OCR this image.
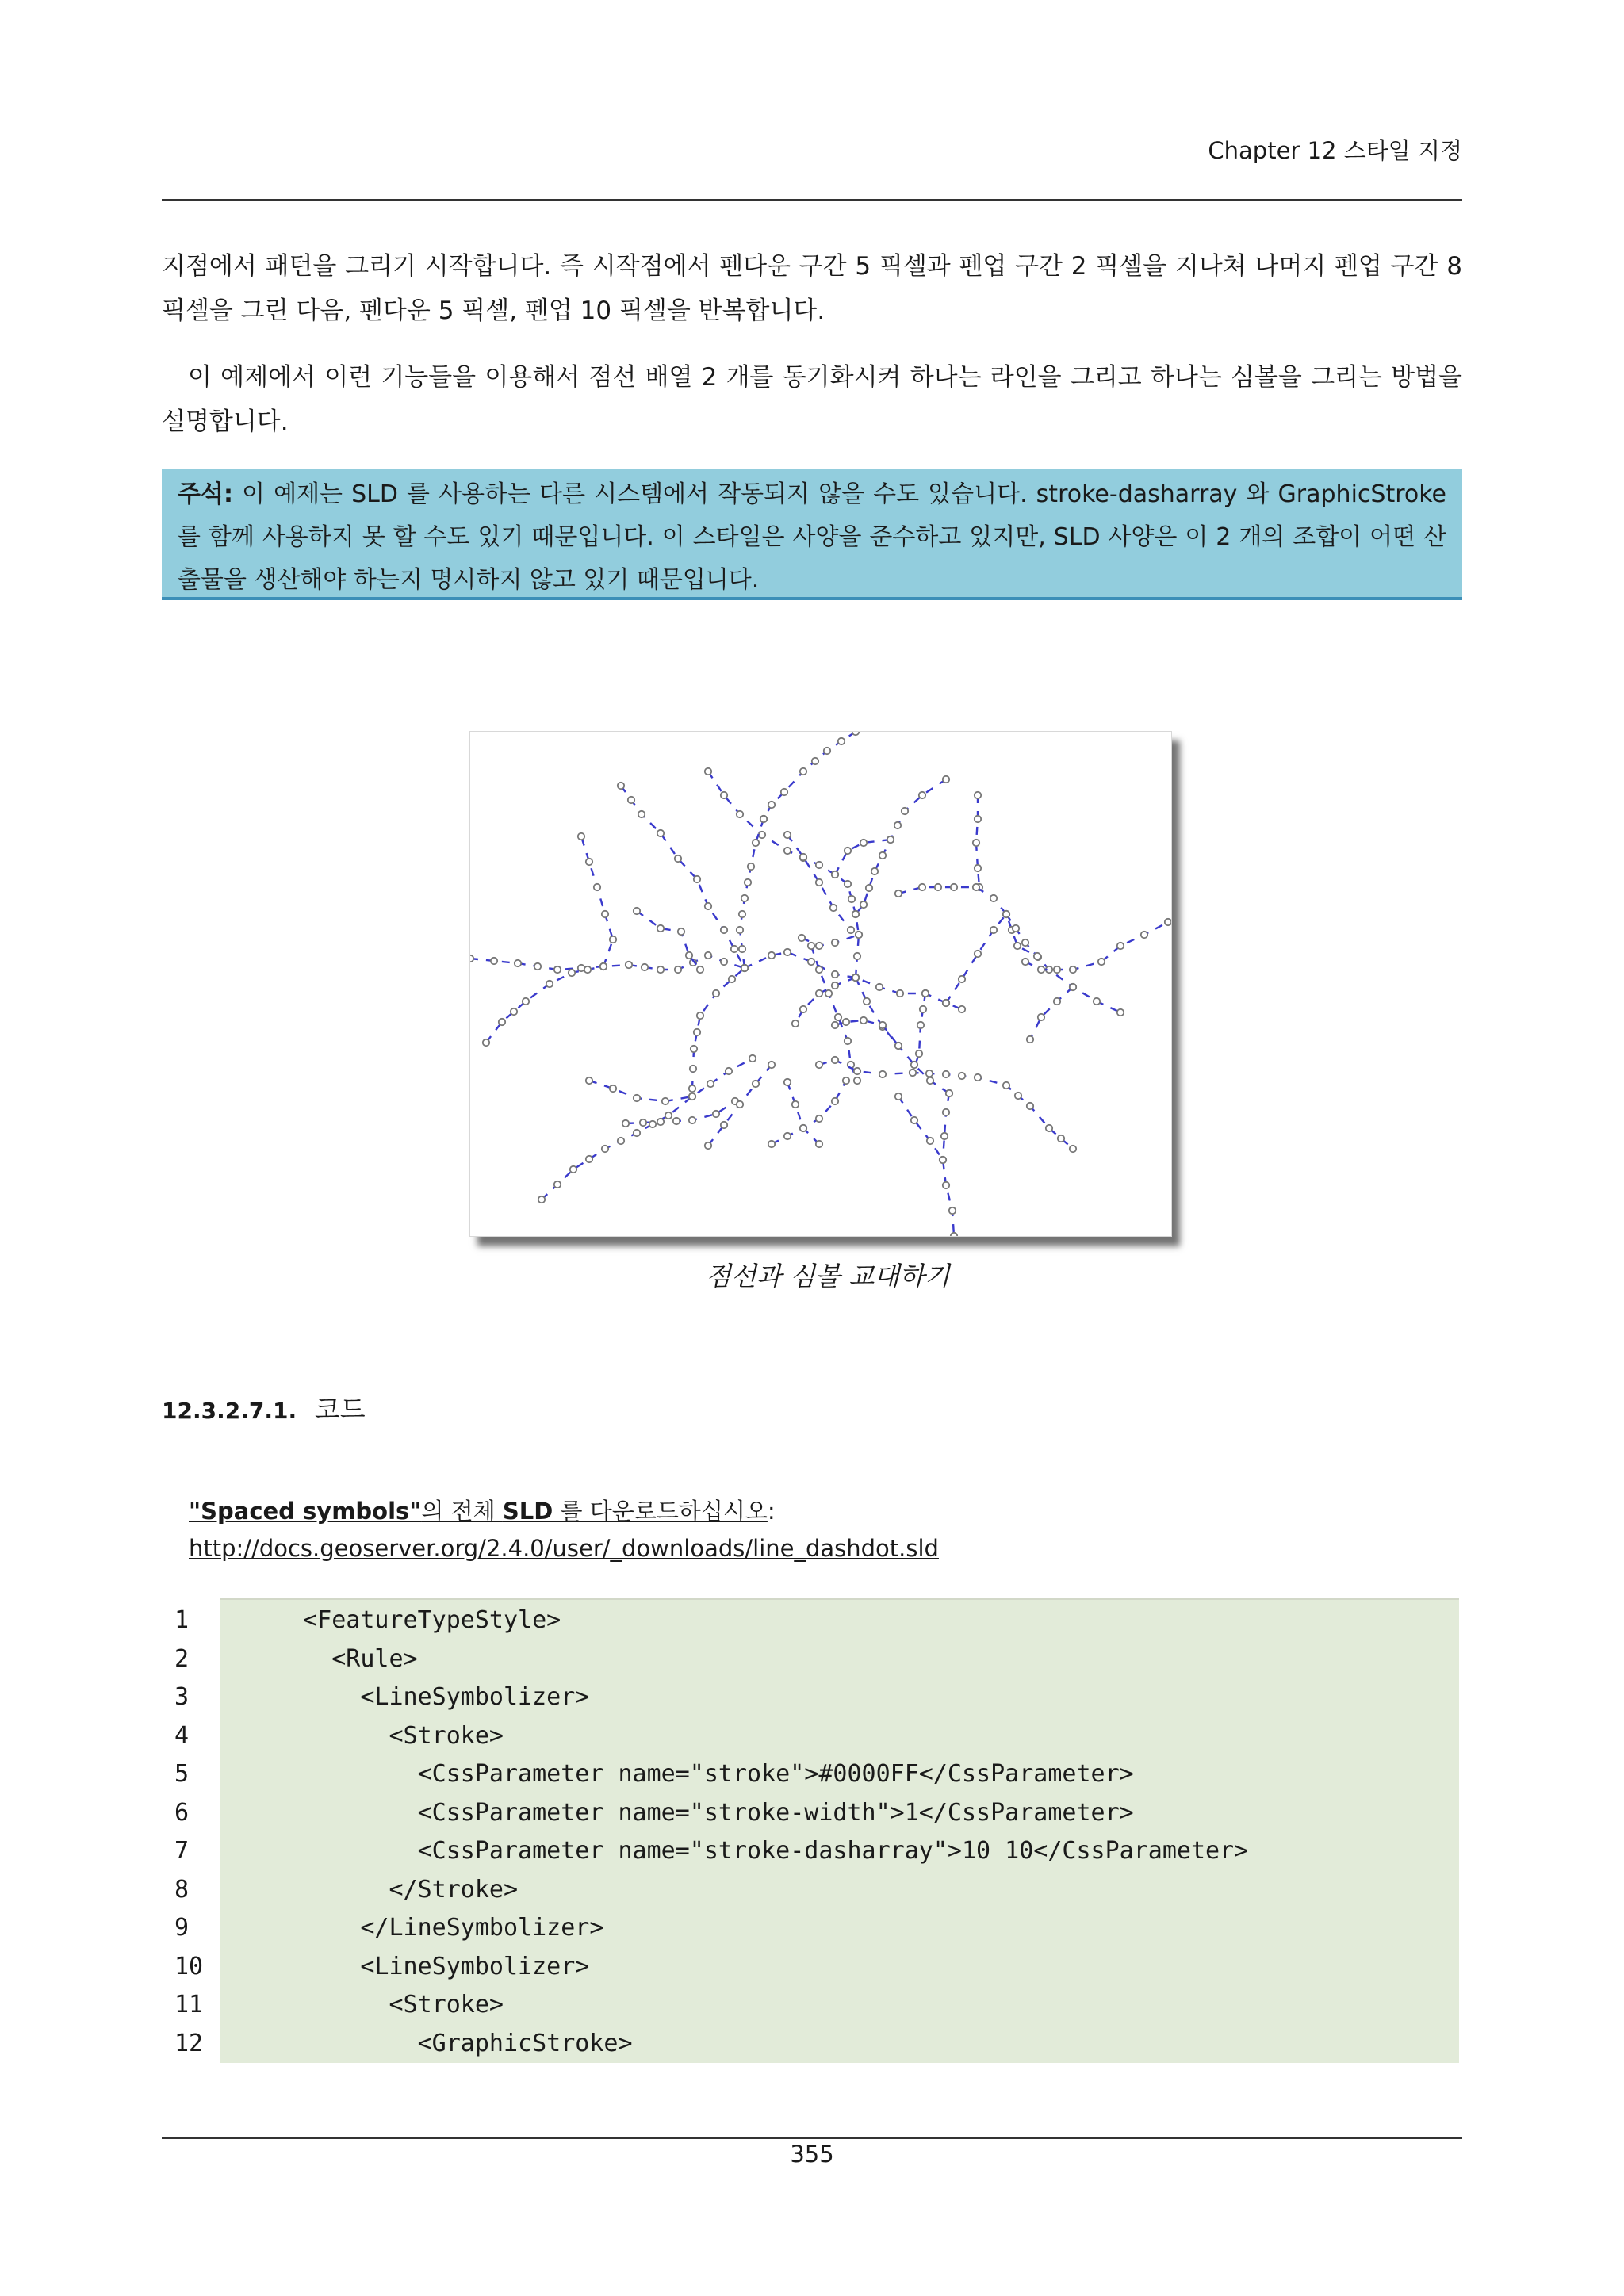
Chapter 12 스타일 지정
지점에서 패턴을 그리기 시작합니다. 즉 시작점에서 펜다운 구간 5 픽셀과 펜업 구간 2 픽셀을 지나쳐 나머지 펜업 구간 8 픽셀을 그린 다음, 펜다운 5 픽셀, 펜업 10 픽셀을 반복합니다.
이 예제에서 이런 기능들을 이용해서 점선 배열 2 개를 동기화시켜 하나는 라인을 그리고 하나는 심볼을 그리는 방법을 설명합니다.
주석: 이 예제는 SLD 를 사용하는 다른 시스템에서 작동되지 않을 수도 있습니다. stroke-dasharray 와 GraphicStroke 를 함께 사용하지 못 할 수도 있기 때문입니다. 이 스타일은 사양을 준수하고 있지만, SLD 사양은 이 2 개의 조합이 어떤 산출물을 생산해야 하는지 명시하지 않고 있기 때문입니다.
점선과 심볼 교대하기
12.3.2.7.1. 코드
"Spaced symbols"의 전체 SLD 를 다운로드하십시오:
http://docs.geoserver.org/2.4.0/user/_downloads/line_dashdot.sld
1	<FeatureTypeStyle>
2	<Rule>
3	<LineSymbolizer>
4	<Stroke>
5	<CssParameter name="stroke">#0000FF</CssParameter>
6	<CssParameter name="stroke-width">1</CssParameter>
7	<CssParameter name="stroke-dasharray">10 10</CssParameter>
8	</Stroke>
9	</LineSymbolizer>
10	<LineSymbolizer>
11	<Stroke>
12	<GraphicStroke>
355
